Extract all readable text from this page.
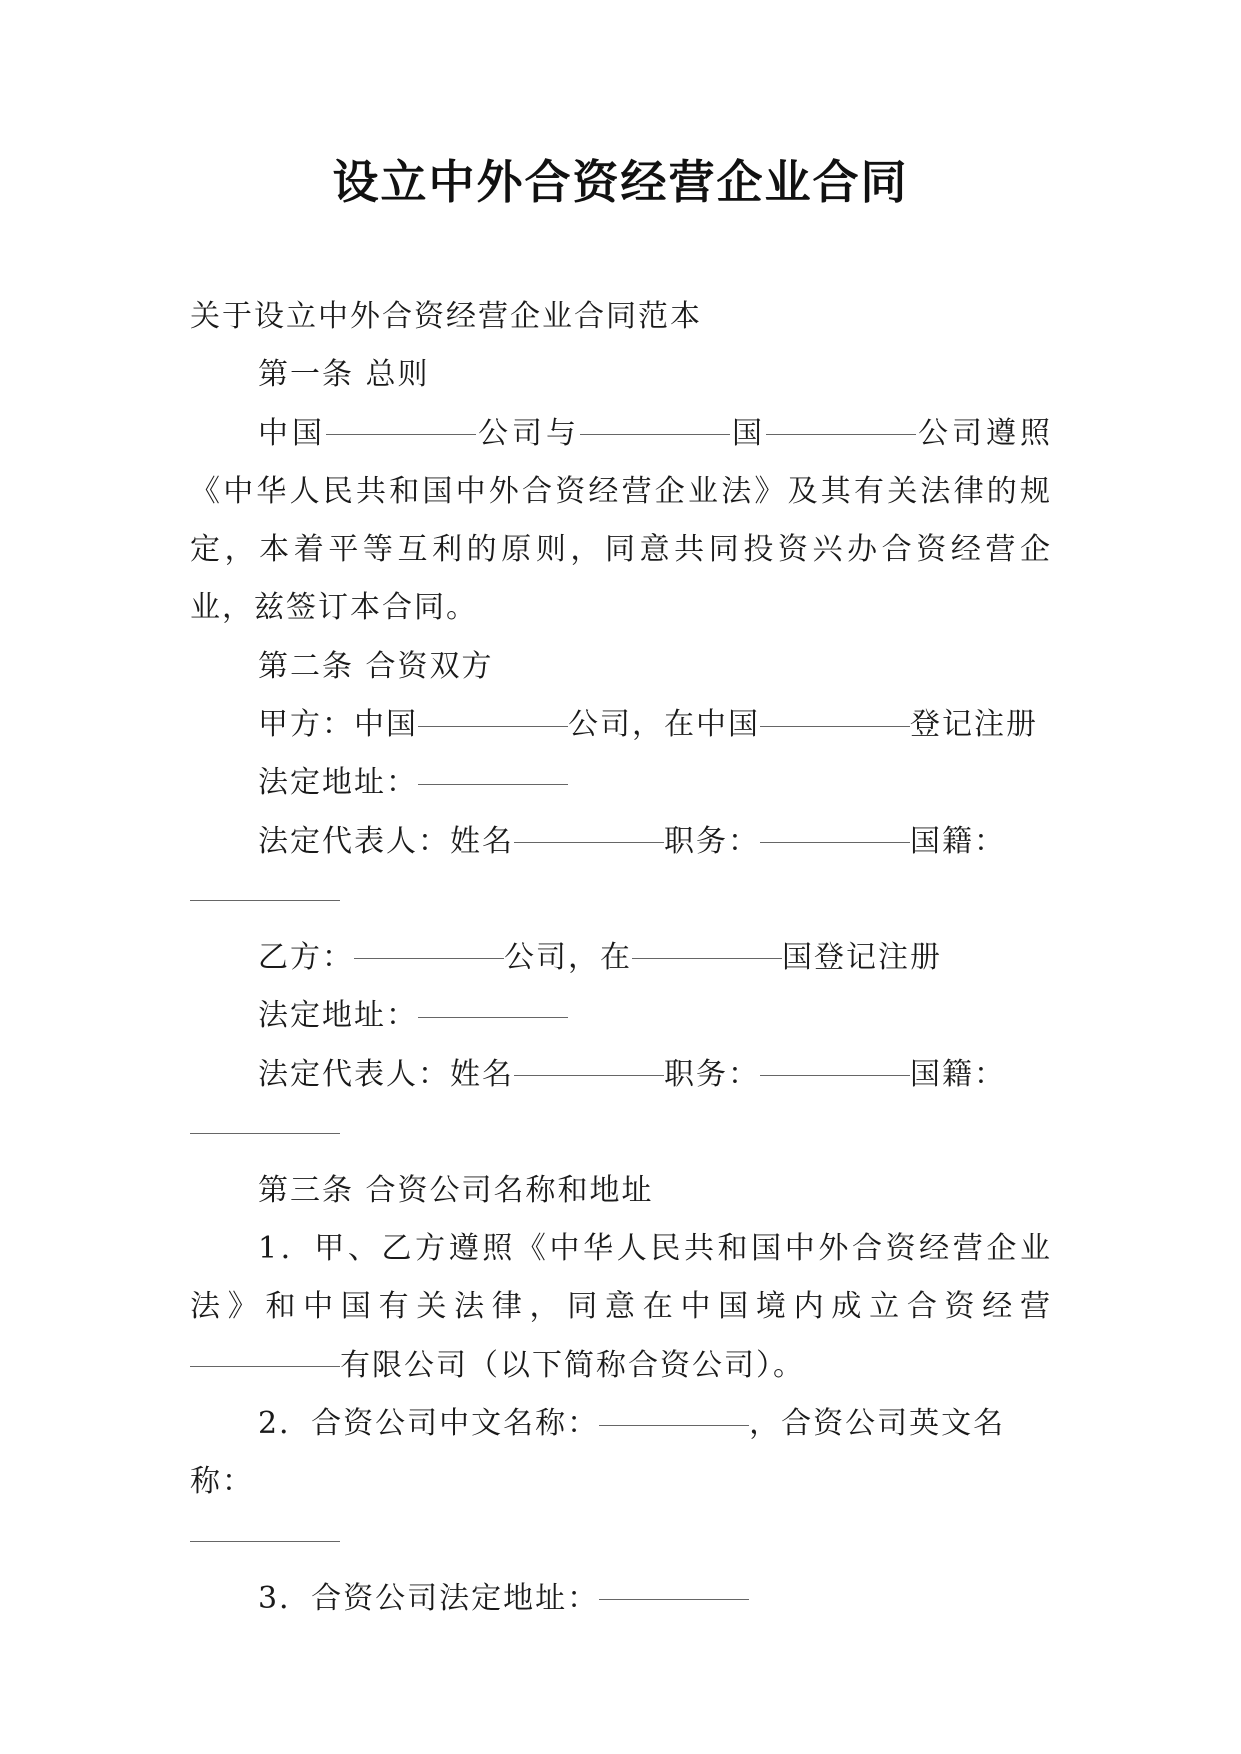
设立中外合资经营企业合同

关于设立中外合资经营企业合同范本

第一条 总则

中国	公司与	国	公司遵照《中华人民共和国中外合资经营企业法》及其有关法律的规定，本着平等互利的原则，同意共同投资兴办合资经营企业，兹签订本合同。

第二条 合资双方

甲方：中国	公司，在中国	登记注册

法定地址：

法定代表人：姓名	职务：	国籍：

乙方：	公司，在	国登记注册

法定地址：

法定代表人：姓名	职务：	国籍：

第三条 合资公司名称和地址

1．甲、乙方遵照《中华人民共和国中外合资经营企业法》和中国有关法律，同意在中国境内成立合资经营有限公司（以下简称合资公司）。

2．合资公司中文名称：	，合资公司英文名称：

3．合资公司法定地址：
